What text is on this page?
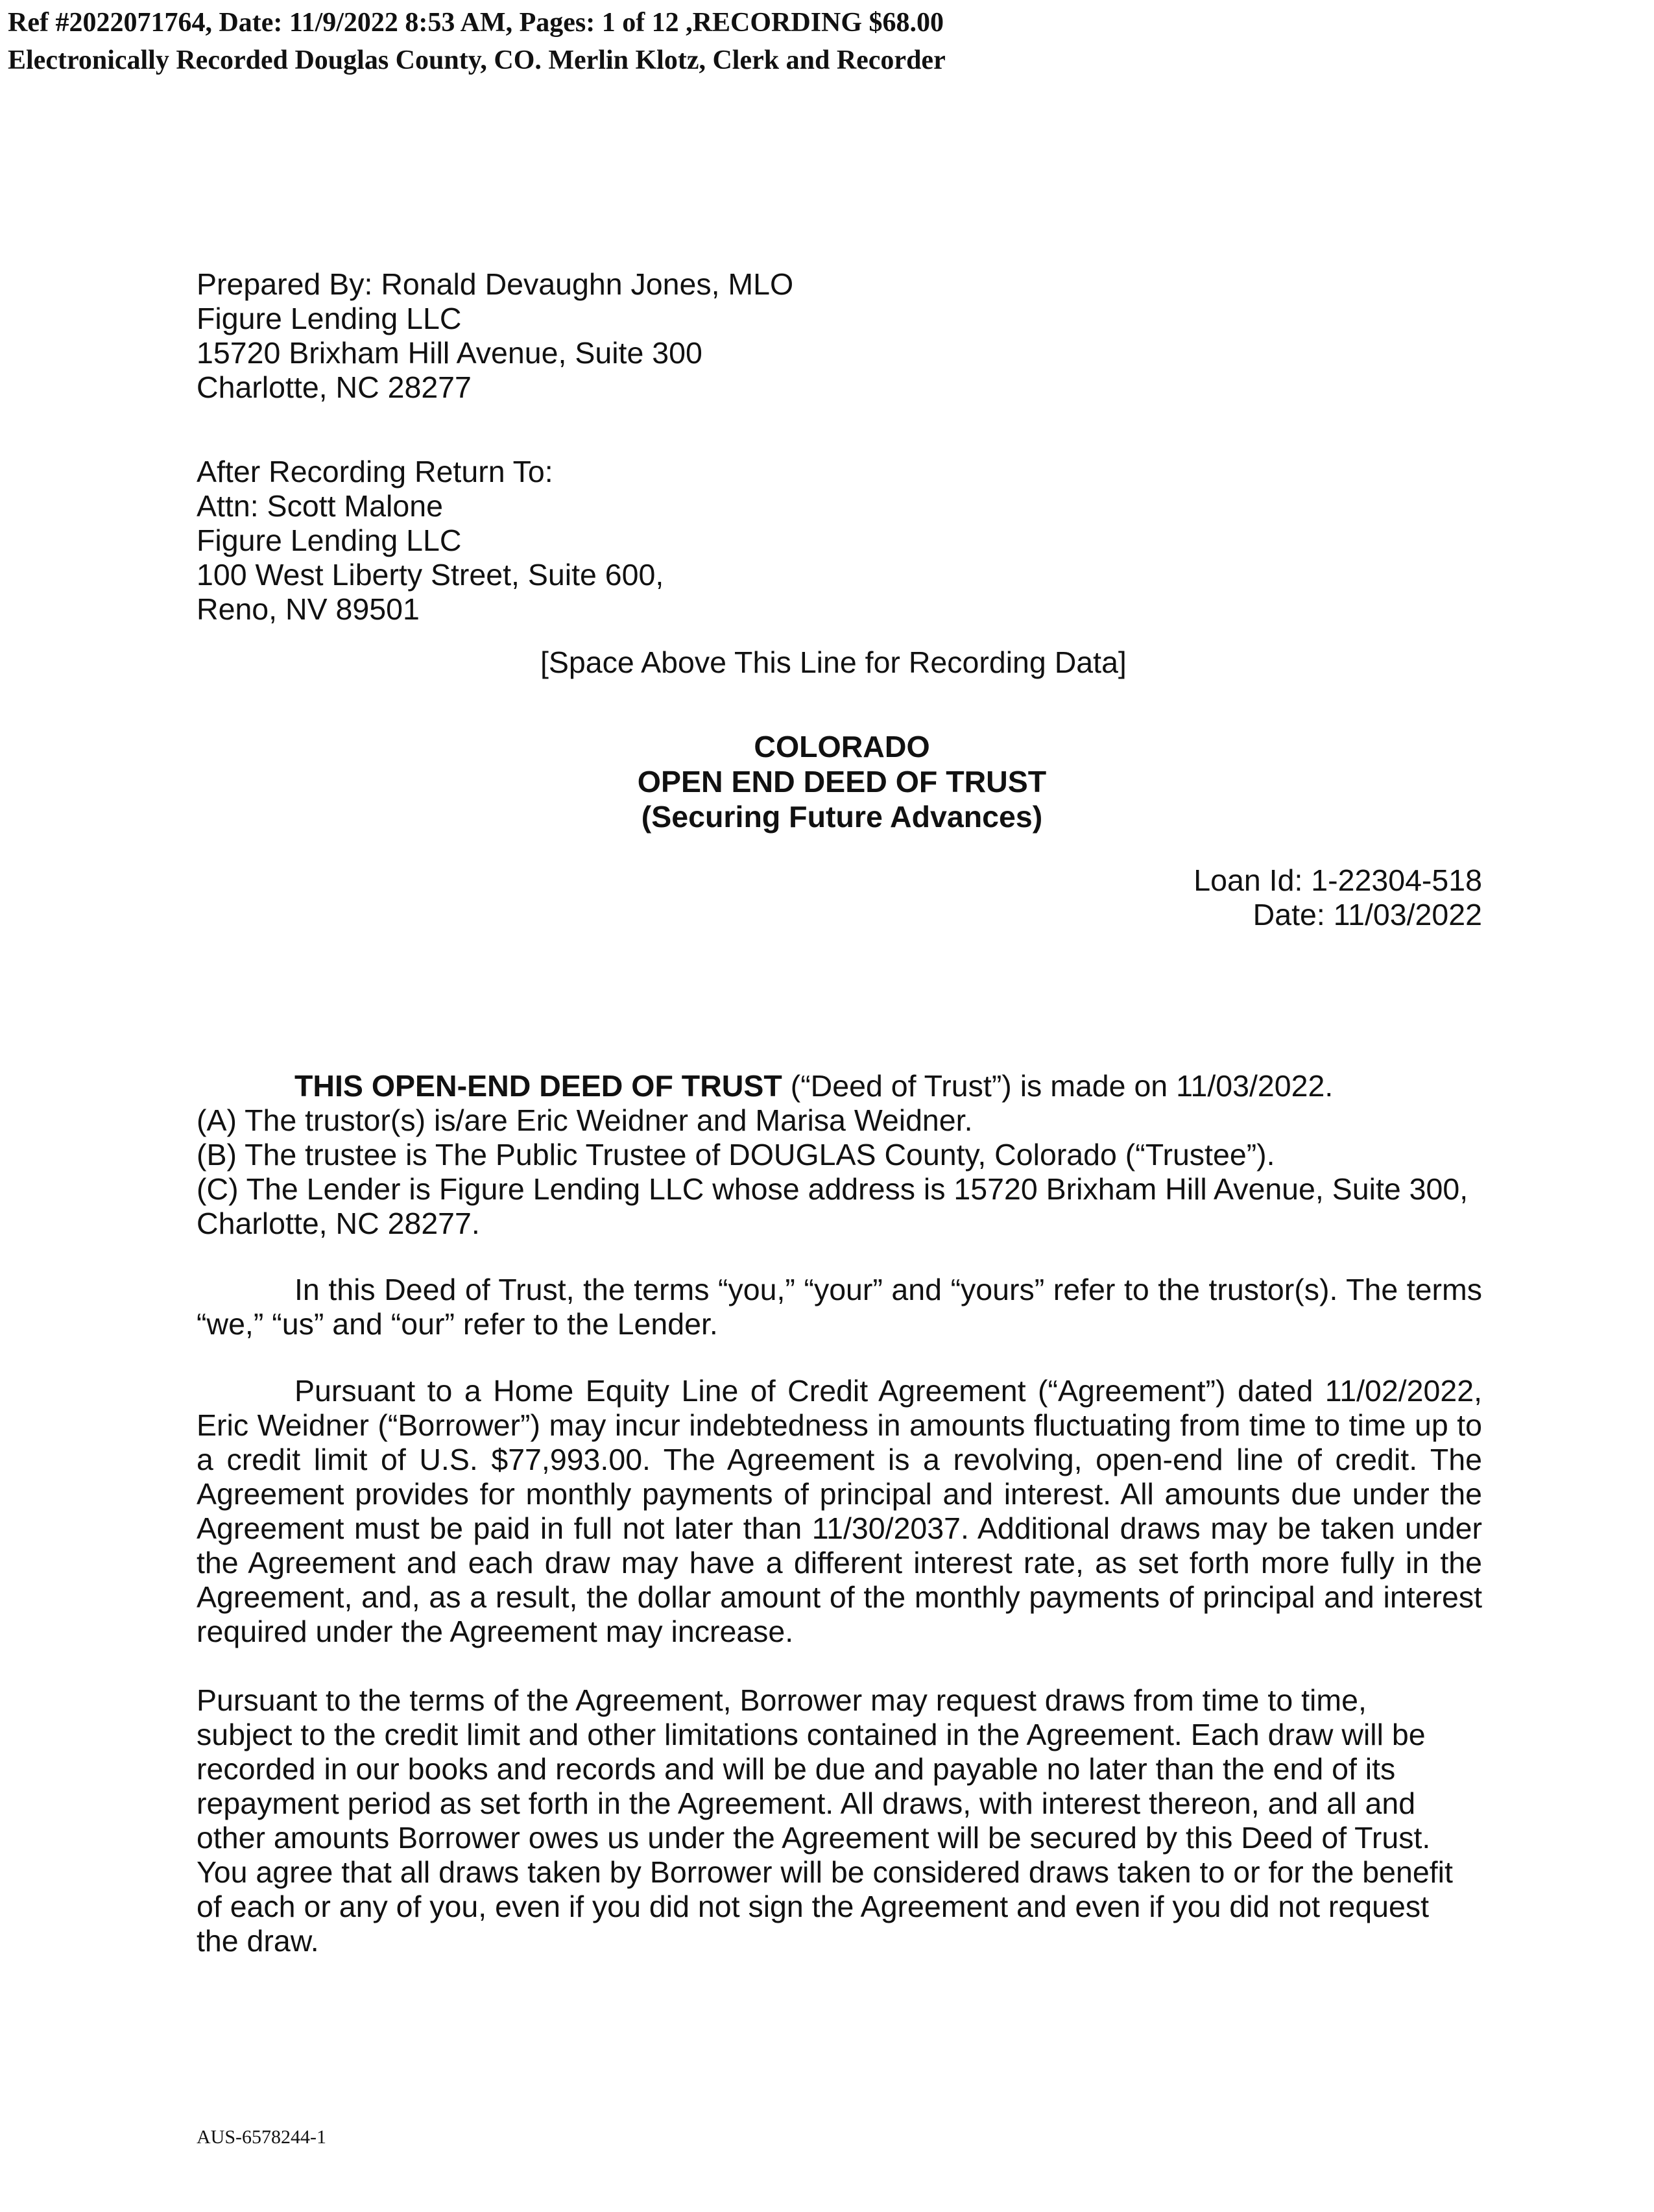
Ref #2022071764, Date: 11/9/2022 8:53 AM, Pages: 1 of 12 ,RECORDING $68.00
Electronically Recorded Douglas County, CO. Merlin Klotz, Clerk and Recorder
Prepared By: Ronald Devaughn Jones, MLO
Figure Lending LLC
15720 Brixham Hill Avenue, Suite 300
Charlotte, NC 28277
After Recording Return To:
Attn: Scott Malone
Figure Lending LLC
100 West Liberty Street, Suite 600,
Reno, NV 89501
[Space Above This Line for Recording Data]
COLORADO
OPEN END DEED OF TRUST
(Securing Future Advances)
Loan Id: 1-22304-518
Date: 11/03/2022
THIS OPEN-END DEED OF TRUST (“Deed of Trust”) is made on 11/03/2022.
(A) The trustor(s) is/are Eric Weidner and Marisa Weidner.
(B) The trustee is The Public Trustee of DOUGLAS County, Colorado (“Trustee”).
(C) The Lender is Figure Lending LLC whose address is 15720 Brixham Hill Avenue, Suite 300,
Charlotte, NC 28277.
In this Deed of Trust, the terms “you,” “your” and “yours” refer to the trustor(s). The terms “we,” “us” and “our” refer to the Lender.
Pursuant to a Home Equity Line of Credit Agreement (“Agreement”) dated 11/02/2022, Eric Weidner (“Borrower”) may incur indebtedness in amounts fluctuating from time to time up to a credit limit of U.S. $77,993.00. The Agreement is a revolving, open-end line of credit. The Agreement provides for monthly payments of principal and interest. All amounts due under the Agreement must be paid in full not later than 11/30/2037. Additional draws may be taken under the Agreement and each draw may have a different interest rate, as set forth more fully in the Agreement, and, as a result, the dollar amount of the monthly payments of principal and interest required under the Agreement may increase.
Pursuant to the terms of the Agreement, Borrower may request draws from time to time,
subject to the credit limit and other limitations contained in the Agreement. Each draw will be
recorded in our books and records and will be due and payable no later than the end of its
repayment period as set forth in the Agreement. All draws, with interest thereon, and all and
other amounts Borrower owes us under the Agreement will be secured by this Deed of Trust.
You agree that all draws taken by Borrower will be considered draws taken to or for the benefit
of each or any of you, even if you did not sign the Agreement and even if you did not request
the draw.
AUS-6578244-1
